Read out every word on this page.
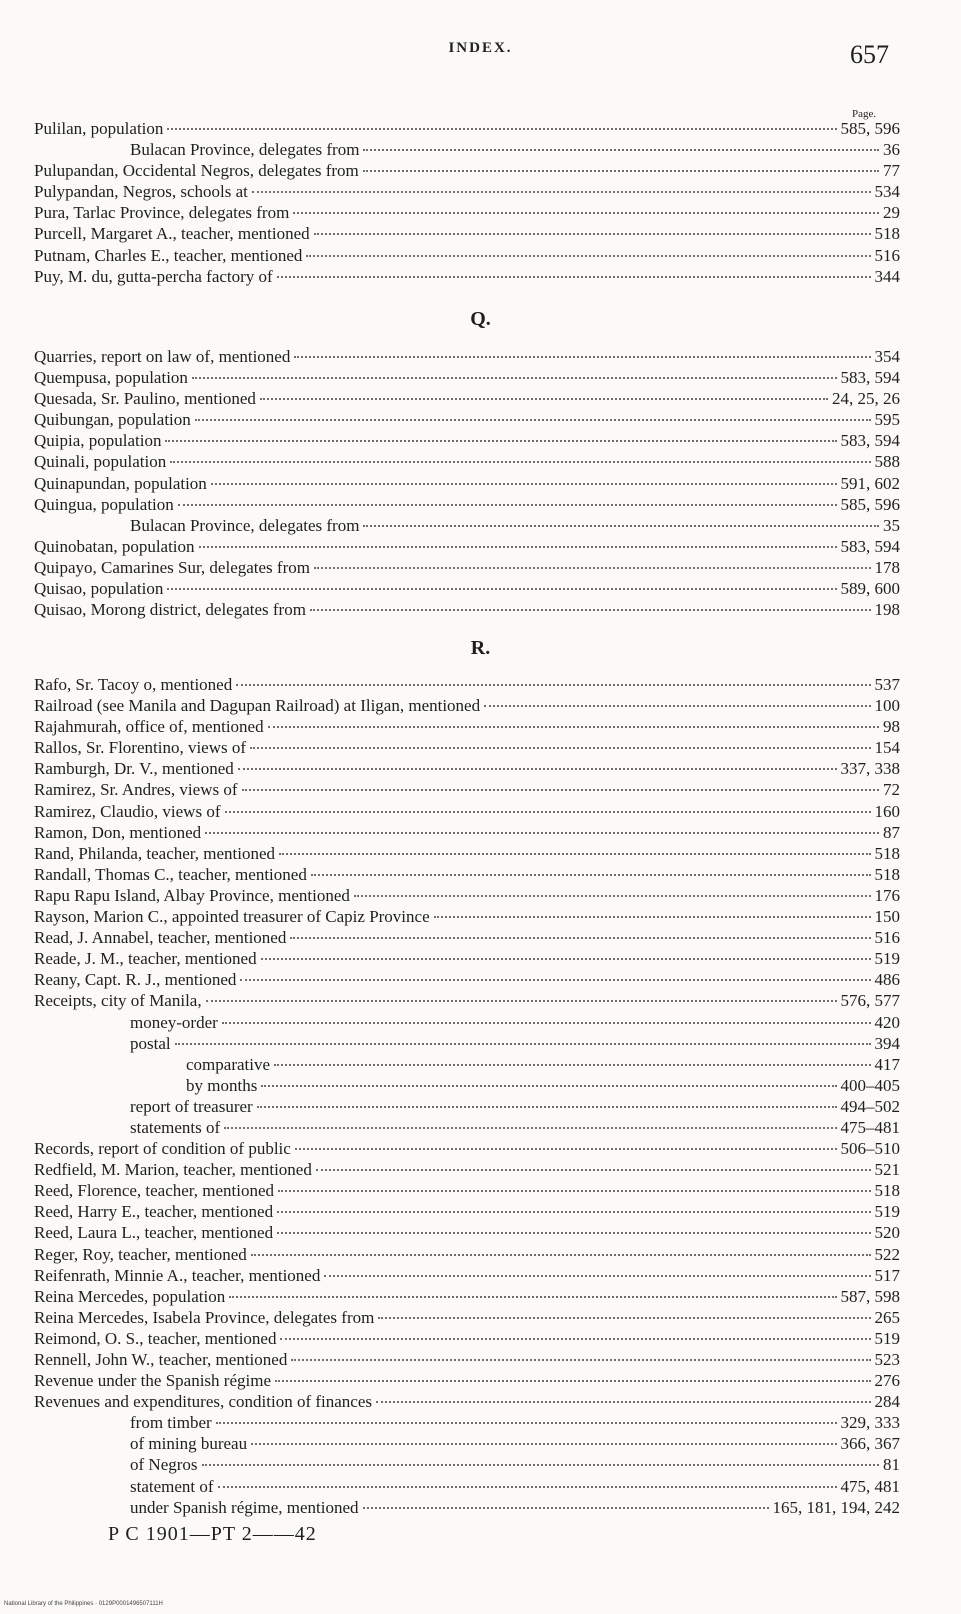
INDEX.	657
Page.
Pulilan, population	585, 596
Bulacan Province, delegates from	36
Pulupandan, Occidental Negros, delegates from	77
Pulypandan, Negros, schools at	534
Pura, Tarlac Province, delegates from	29
Purcell, Margaret A., teacher, mentioned	518
Putnam, Charles E., teacher, mentioned	516
Puy, M. du, gutta-percha factory of	344
Q.
Quarries, report on law of, mentioned	354
Quempusa, population	583, 594
Quesada, Sr. Paulino, mentioned	24, 25, 26
Quibungan, population	595
Quipia, population	583, 594
Quinali, population	588
Quinapundan, population	591, 602
Quingua, population	585, 596
Bulacan Province, delegates from	35
Quinobatan, population	583, 594
Quipayo, Camarines Sur, delegates from	178
Quisao, population	589, 600
Quisao, Morong district, delegates from	198
R.
Rafo, Sr. Tacoy o, mentioned	537
Railroad (see Manila and Dagupan Railroad) at Iligan, mentioned	100
Rajahmurah, office of, mentioned	98
Rallos, Sr. Florentino, views of	154
Ramburgh, Dr. V., mentioned	337, 338
Ramirez, Sr. Andres, views of	72
Ramirez, Claudio, views of	160
Ramon, Don, mentioned	87
Rand, Philanda, teacher, mentioned	518
Randall, Thomas C., teacher, mentioned	518
Rapu Rapu Island, Albay Province, mentioned	176
Rayson, Marion C., appointed treasurer of Capiz Province	150
Read, J. Annabel, teacher, mentioned	516
Reade, J. M., teacher, mentioned	519
Reany, Capt. R. J., mentioned	486
Receipts, city of Manila,	576, 577
money-order	420
postal	394
comparative	417
by months	400–405
report of treasurer	494–502
statements of	475–481
Records, report of condition of public	506–510
Redfield, M. Marion, teacher, mentioned	521
Reed, Florence, teacher, mentioned	518
Reed, Harry E., teacher, mentioned	519
Reed, Laura L., teacher, mentioned	520
Reger, Roy, teacher, mentioned	522
Reifenrath, Minnie A., teacher, mentioned	517
Reina Mercedes, population	587, 598
Reina Mercedes, Isabela Province, delegates from	265
Reimond, O. S., teacher, mentioned	519
Rennell, John W., teacher, mentioned	523
Revenue under the Spanish régime	276
Revenues and expenditures, condition of finances	284
from timber	329, 333
of mining bureau	366, 367
of Negros	81
statement of	475, 481
under Spanish régime, mentioned	165, 181, 194, 242
P C 1901—PT 2——42
National Library of the Philippines · 0129P0001496507111H
